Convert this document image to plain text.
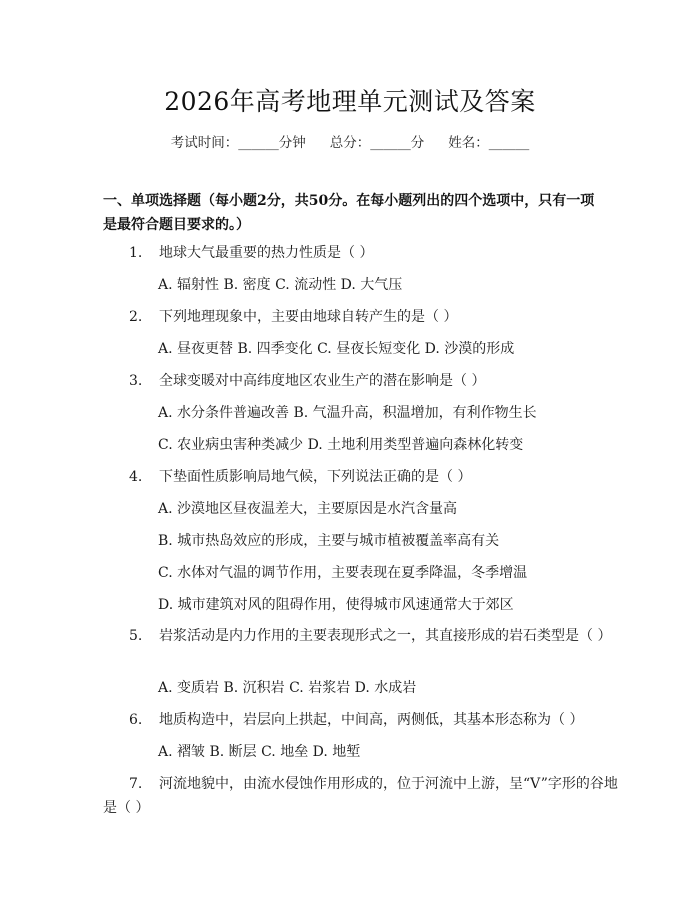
2026年高考地理单元测试及答案
考试时间：______分钟 总分：______分 姓名：______
一、单项选择题（每小题2分，共50分。在每小题列出的四个选项中，只有一项是最符合题目要求的。）
1. 地球大气最重要的热力性质是（ ）
A. 辐射性 B. 密度 C. 流动性 D. 大气压
2. 下列地理现象中，主要由地球自转产生的是（ ）
A. 昼夜更替 B. 四季变化 C. 昼夜长短变化 D. 沙漠的形成
3. 全球变暖对中高纬度地区农业生产的潜在影响是（ ）
A. 水分条件普遍改善 B. 气温升高，积温增加，有利作物生长
C. 农业病虫害种类减少 D. 土地利用类型普遍向森林化转变
4. 下垫面性质影响局地气候，下列说法正确的是（ ）
A. 沙漠地区昼夜温差大，主要原因是水汽含量高
B. 城市热岛效应的形成，主要与城市植被覆盖率高有关
C. 水体对气温的调节作用，主要表现在夏季降温，冬季增温
D. 城市建筑对风的阻碍作用，使得城市风速通常大于郊区
5. 岩浆活动是内力作用的主要表现形式之一，其直接形成的岩石类型是（ ）
A. 变质岩 B. 沉积岩 C. 岩浆岩 D. 水成岩
6. 地质构造中，岩层向上拱起，中间高，两侧低，其基本形态称为（ ）
A. 褶皱 B. 断层 C. 地垒 D. 地堑
7. 河流地貌中，由流水侵蚀作用形成的，位于河流中上游，呈“V”字形的谷地是（ ）
